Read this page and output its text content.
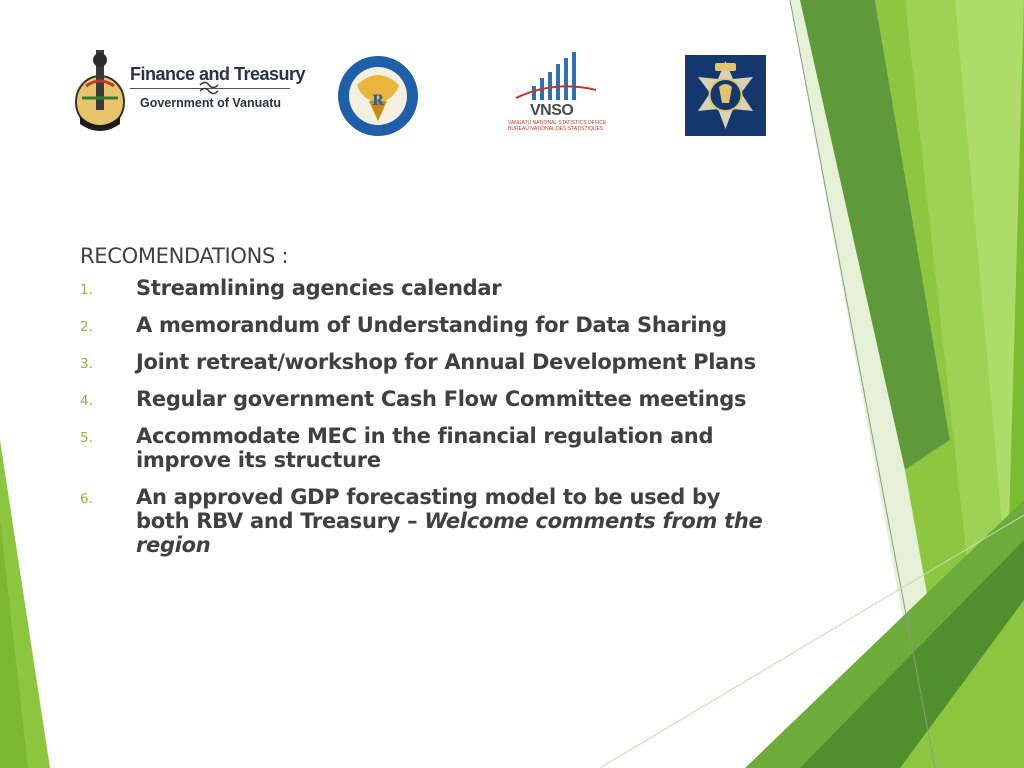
Finance and Treasury
Government of Vanuatu	R
VNSO
VANUATU NATIONAL STATISTICS OFFICE
BUREAU NATIONAL DES STATISTIQUES
RECOMENDATIONS :
1. Streamlining agencies calendar
2. A memorandum of Understanding for Data Sharing
3. Joint retreat/workshop for Annual Development Plans
4. Regular government Cash Flow Committee meetings
5. Accommodate MEC in the financial regulation and improve its structure
6. An approved GDP forecasting model to be used by both RBV and Treasury – Welcome comments from the region
